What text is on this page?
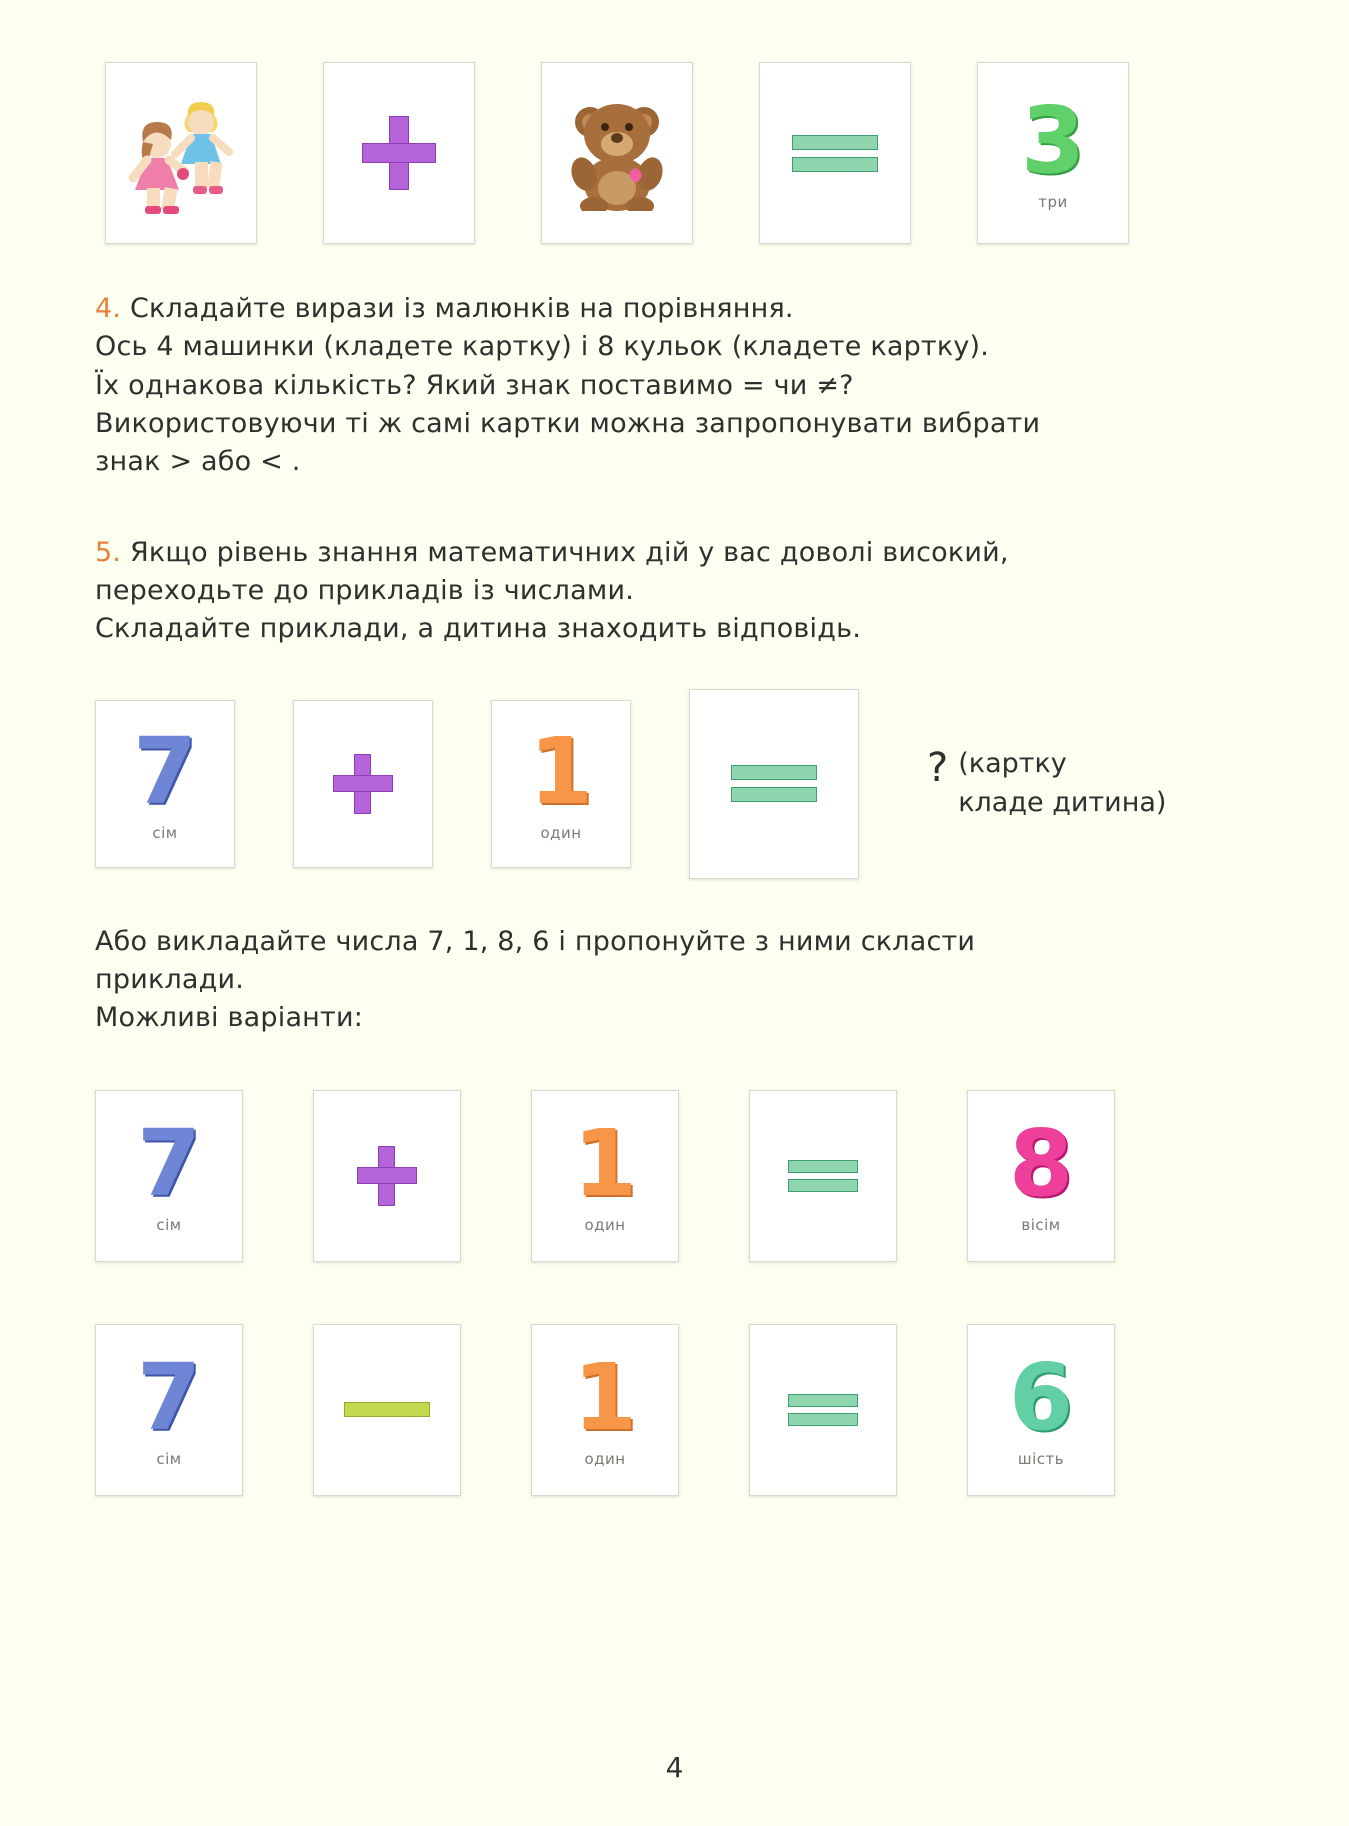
3
три

4. Складайте вирази із малюнків на порівняння.

Ось 4 машинки (кладете картку) і 8 кульок (кладете картку).

Їх однакова кількість? Який знак поставимо = чи ≠?

Використовуючи ті ж самі картки можна запропонувати вибрати

знак > або < .

5. Якщо рівень знання математичних дій у вас доволі високий,

переходьте до прикладів із числами.

Складайте приклади, а дитина знаходить відповідь.

7
сім
1
один
? (картку
кладе дитина)

Або викладайте числа 7, 1, 8, 6 і пропонуйте з ними скласти

приклади.

Можливі варіанти:

7
сім
1
один
8
вісім
7
сім
1
один
6
шість
4
